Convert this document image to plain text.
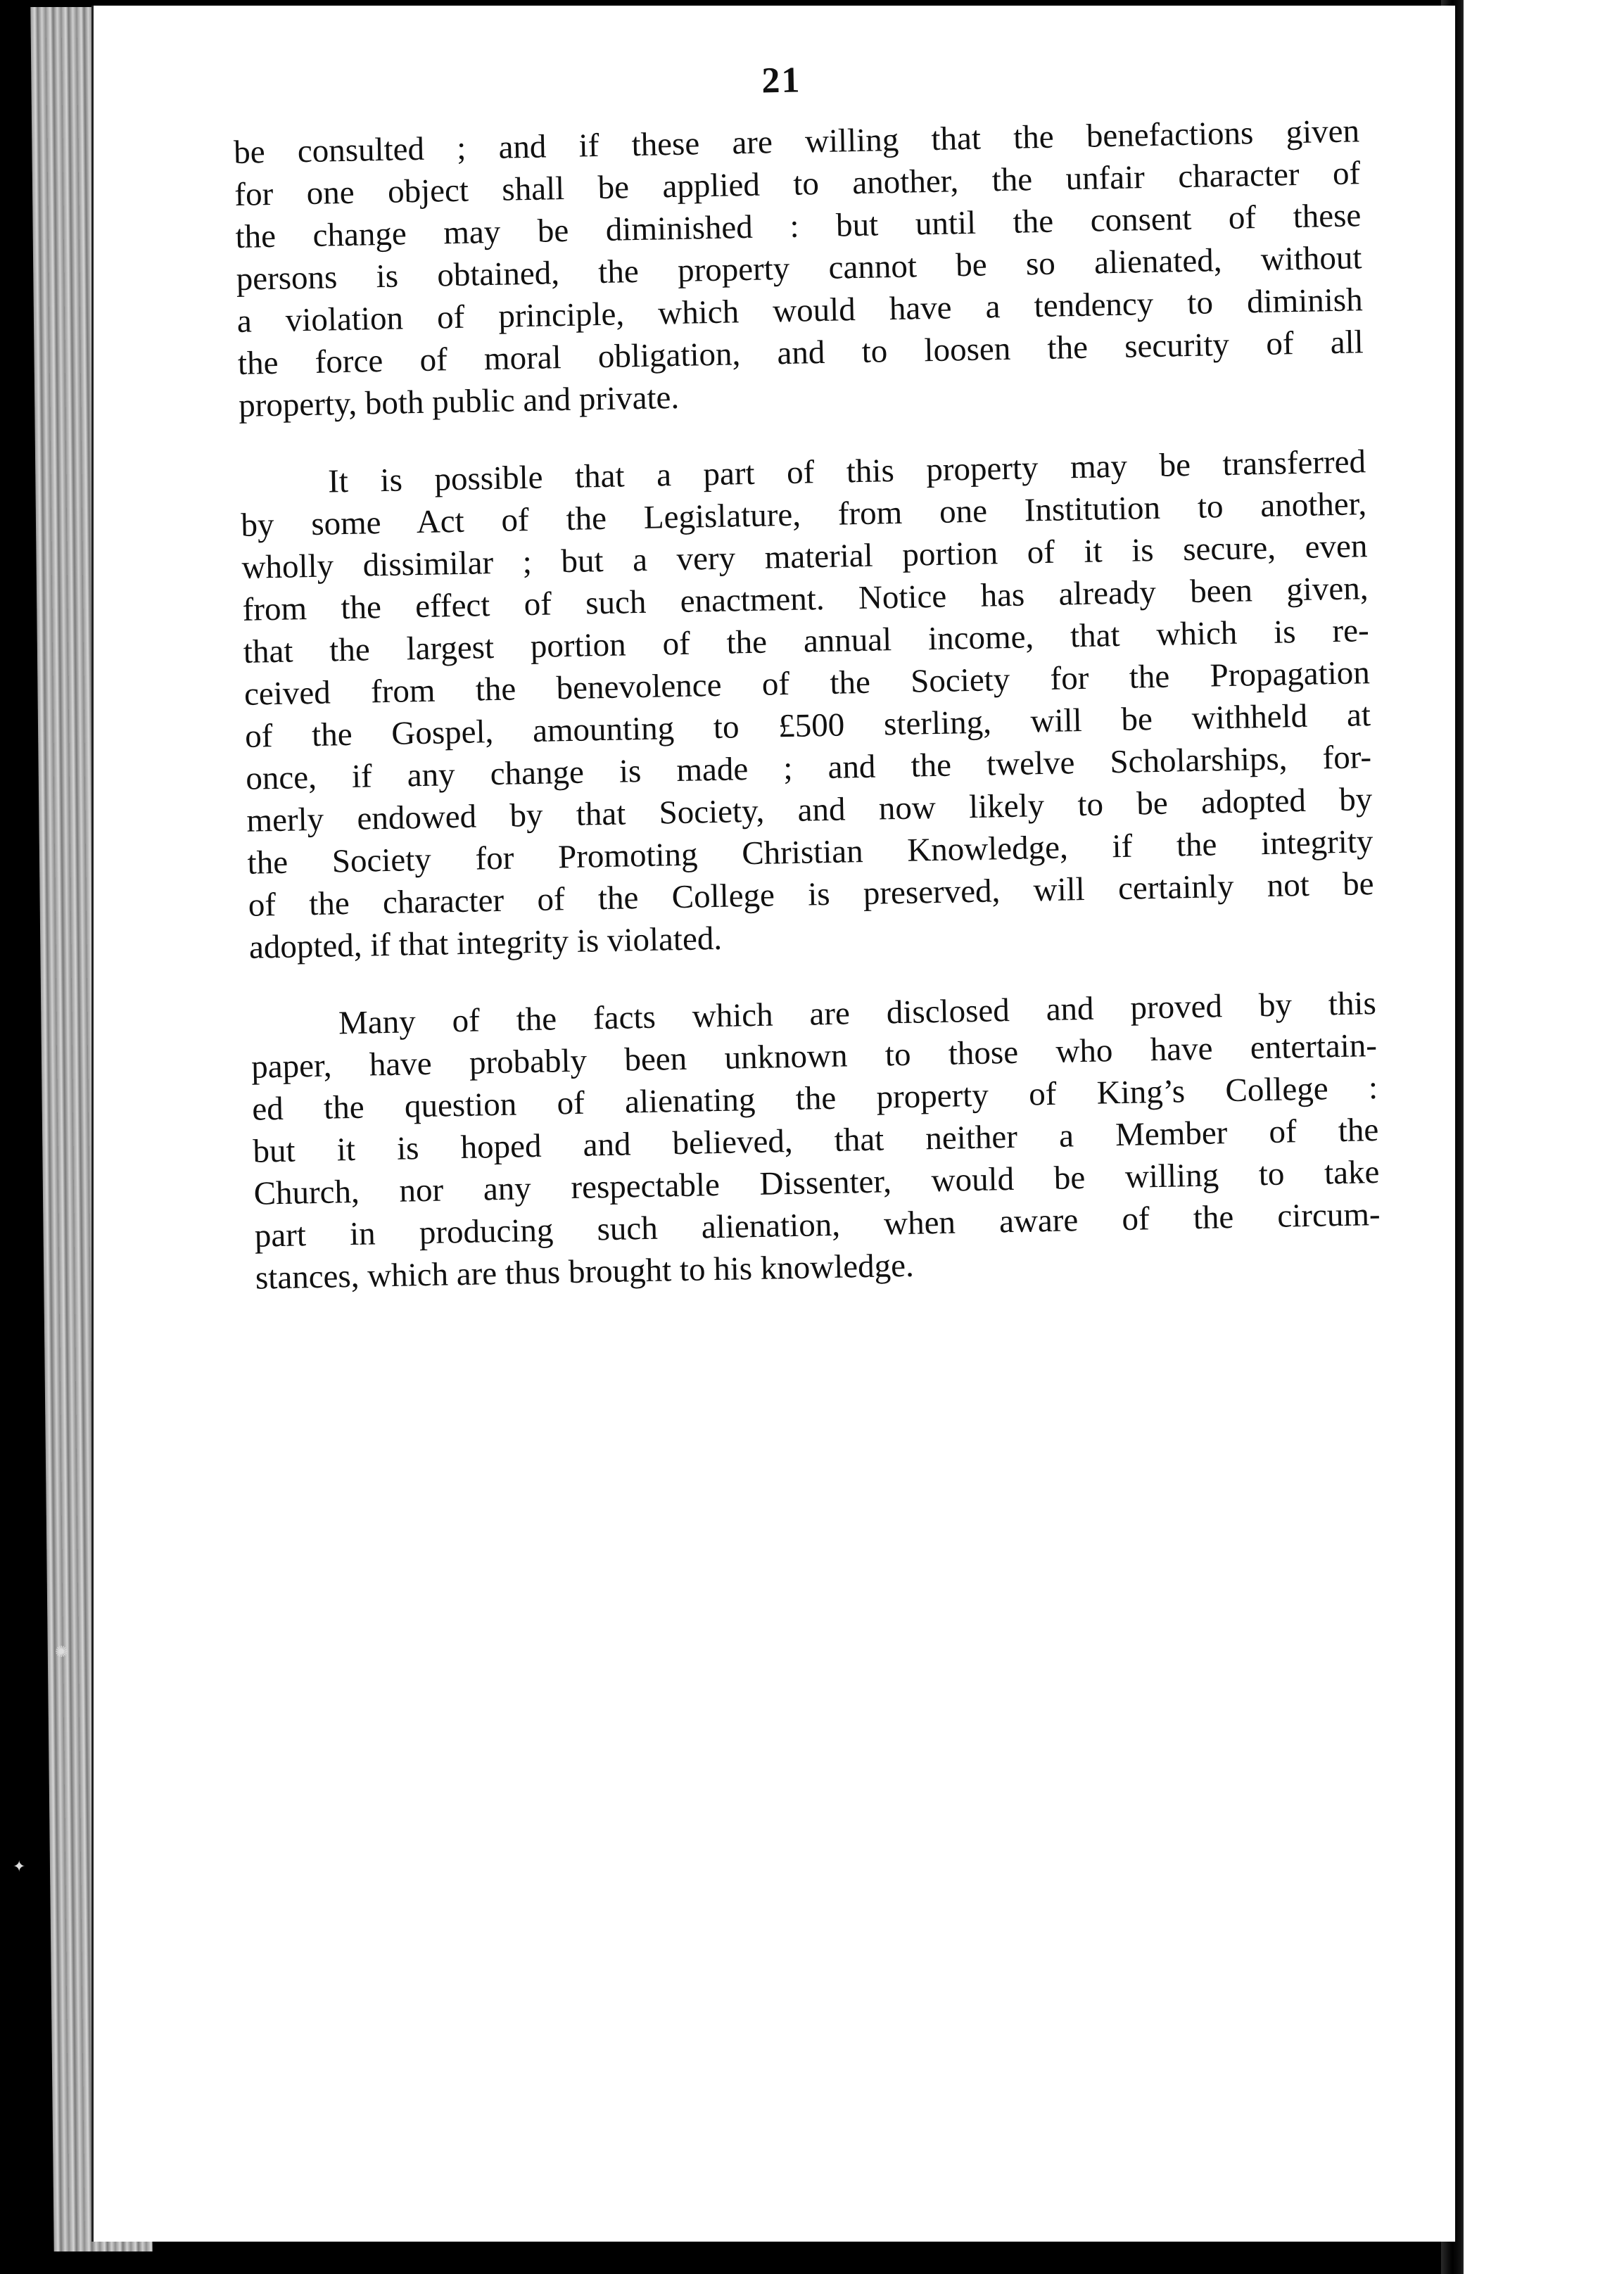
✺
✦
21
be consulted ; and if these are willing that the benefactions given
for one object shall be applied to another, the unfair character of
the change may be diminished : but until the consent of these
persons is obtained, the property cannot be so alienated, without
a violation of principle, which would have a tendency to diminish
the force of moral obligation, and to loosen the security of all
property, both public and private.
It is possible that a part of this property may be transferred
by some Act of the Legislature, from one Institution to another,
wholly dissimilar ; but a very material portion of it is secure, even
from the effect of such enactment. Notice has already been given,
that the largest portion of the annual income, that which is re-
ceived from the benevolence of the Society for the Propagation
of the Gospel, amounting to £500 sterling, will be withheld at
once, if any change is made ; and the twelve Scholarships, for-
merly endowed by that Society, and now likely to be adopted by
the Society for Promoting Christian Knowledge, if the integrity
of the character of the College is preserved, will certainly not be
adopted, if that integrity is violated.
Many of the facts which are disclosed and proved by this
paper, have probably been unknown to those who have entertain-
ed the question of alienating the property of King’s College :
but it is hoped and believed, that neither a Member of the
Church, nor any respectable Dissenter, would be willing to take
part in producing such alienation, when aware of the circum-
stances, which are thus brought to his knowledge.
